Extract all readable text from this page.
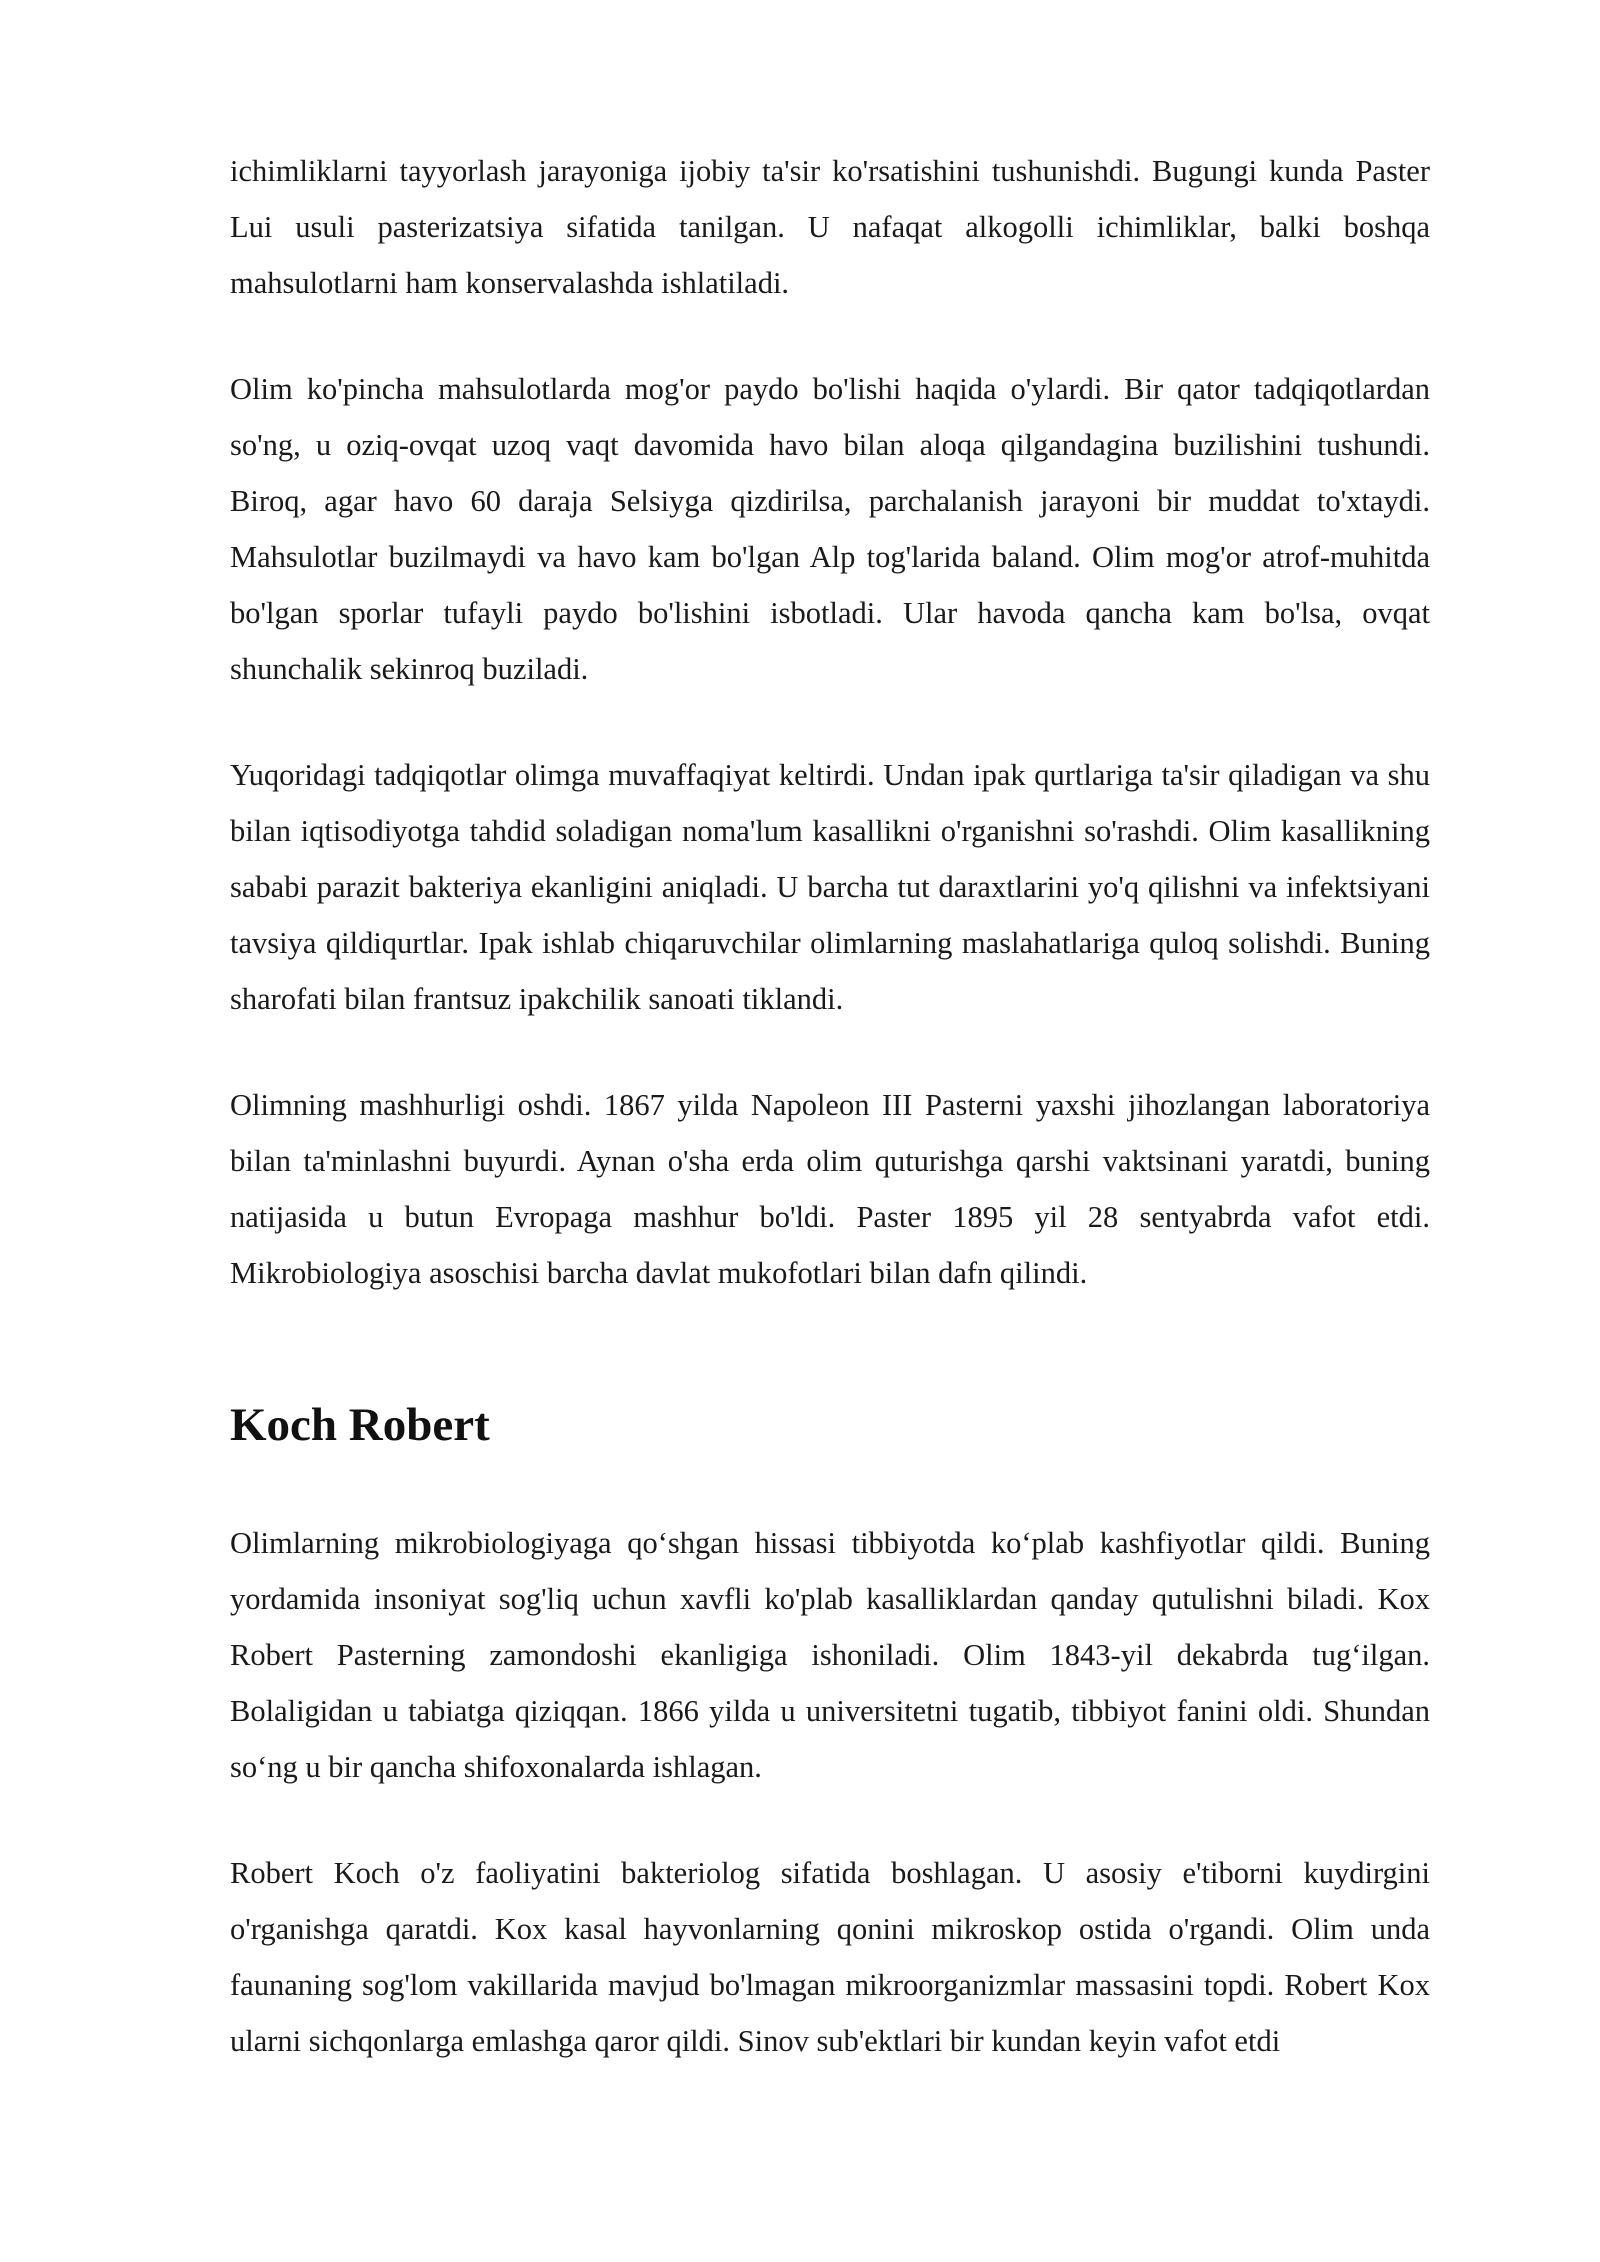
ichimliklarni tayyorlash jarayoniga ijobiy ta'sir ko'rsatishini tushunishdi. Bugungi kunda Paster Lui usuli pasterizatsiya sifatida tanilgan. U nafaqat alkogolli ichimliklar, balki boshqa mahsulotlarni ham konservalashda ishlatiladi.

Olim ko'pincha mahsulotlarda mog'or paydo bo'lishi haqida o'ylardi. Bir qator tadqiqotlardan so'ng, u oziq-ovqat uzoq vaqt davomida havo bilan aloqa qilgandagina buzilishini tushundi. Biroq, agar havo 60 daraja Selsiyga qizdirilsa, parchalanish jarayoni bir muddat to'xtaydi. Mahsulotlar buzilmaydi va havo kam bo'lgan Alp tog'larida baland. Olim mog'or atrof-muhitda bo'lgan sporlar tufayli paydo bo'lishini isbotladi. Ular havoda qancha kam bo'lsa, ovqat shunchalik sekinroq buziladi.

Yuqoridagi tadqiqotlar olimga muvaffaqiyat keltirdi. Undan ipak qurtlariga ta'sir qiladigan va shu bilan iqtisodiyotga tahdid soladigan noma'lum kasallikni o'rganishni so'rashdi. Olim kasallikning sababi parazit bakteriya ekanligini aniqladi. U barcha tut daraxtlarini yo'q qilishni va infektsiyani tavsiya qildiqurtlar. Ipak ishlab chiqaruvchilar olimlarning maslahatlariga quloq solishdi. Buning sharofati bilan frantsuz ipakchilik sanoati tiklandi.

Olimning mashhurligi oshdi. 1867 yilda Napoleon III Pasterni yaxshi jihozlangan laboratoriya bilan ta'minlashni buyurdi. Aynan o'sha erda olim quturishga qarshi vaktsinani yaratdi, buning natijasida u butun Evropaga mashhur bo'ldi. Paster 1895 yil 28 sentyabrda vafot etdi. Mikrobiologiya asoschisi barcha davlat mukofotlari bilan dafn qilindi.

Koch Robert

Olimlarning mikrobiologiyaga qo‘shgan hissasi tibbiyotda ko‘plab kashfiyotlar qildi. Buning yordamida insoniyat sog'liq uchun xavfli ko'plab kasalliklardan qanday qutulishni biladi. Kox Robert Pasterning zamondoshi ekanligiga ishoniladi. Olim 1843-yil dekabrda tug‘ilgan. Bolaligidan u tabiatga qiziqqan. 1866 yilda u universitetni tugatib, tibbiyot fanini oldi. Shundan so‘ng u bir qancha shifoxonalarda ishlagan.

Robert Koch o'z faoliyatini bakteriolog sifatida boshlagan. U asosiy e'tiborni kuydirgini o'rganishga qaratdi. Kox kasal hayvonlarning qonini mikroskop ostida o'rgandi. Olim unda faunaning sog'lom vakillarida mavjud bo'lmagan mikroorganizmlar massasini topdi. Robert Kox ularni sichqonlarga emlashga qaror qildi. Sinov sub'ektlari bir kundan keyin vafot etdi
